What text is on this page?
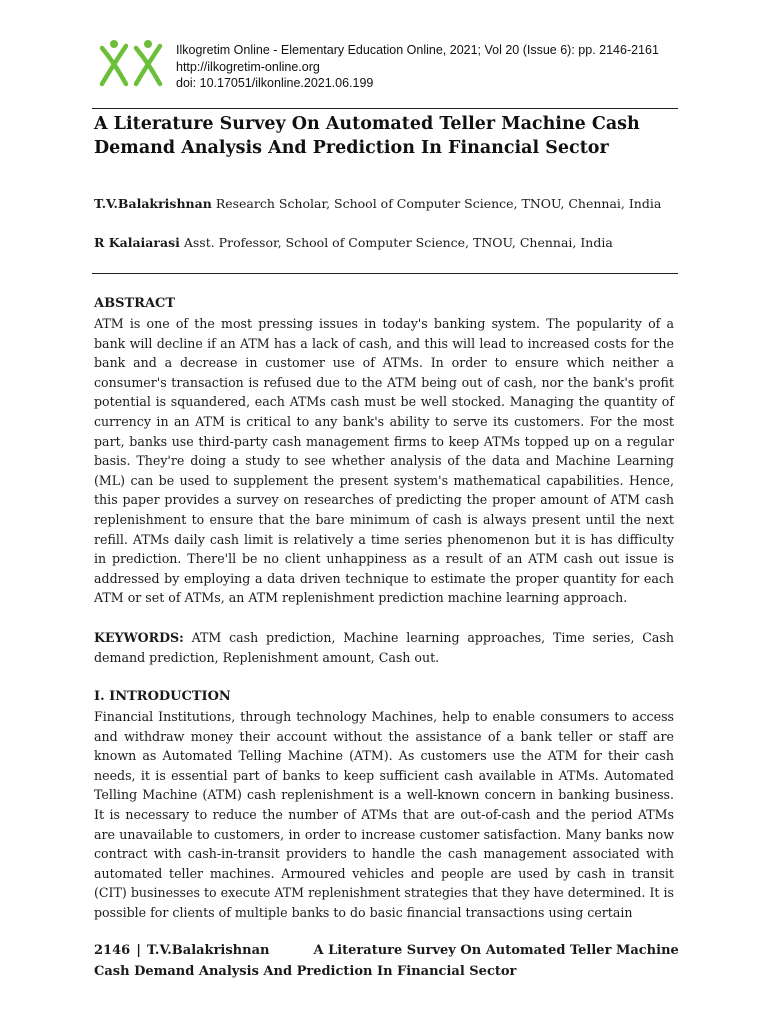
Ilkogretim Online - Elementary Education Online, 2021; Vol 20 (Issue 6): pp. 2146-2161
http://ilkogretim-online.org
doi: 10.17051/ilkonline.2021.06.199
A Literature Survey On Automated Teller Machine Cash Demand Analysis And Prediction In Financial Sector
T.V.Balakrishnan Research Scholar, School of Computer Science, TNOU, Chennai, India
R Kalaiarasi Asst. Professor, School of Computer Science, TNOU, Chennai, India
ABSTRACT

ATM is one of the most pressing issues in today's banking system. The popularity of a bank will decline if an ATM has a lack of cash, and this will lead to increased costs for the bank and a decrease in customer use of ATMs. In order to ensure which neither a consumer's transaction is refused due to the ATM being out of cash, nor the bank's profit potential is squandered, each ATMs cash must be well stocked. Managing the quantity of currency in an ATM is critical to any bank's ability to serve its customers. For the most part, banks use third-party cash management firms to keep ATMs topped up on a regular basis. They're doing a study to see whether analysis of the data and Machine Learning (ML) can be used to supplement the present system's mathematical capabilities. Hence, this paper provides a survey on researches of predicting the proper amount of ATM cash replenishment to ensure that the bare minimum of cash is always present until the next refill. ATMs daily cash limit is relatively a time series phenomenon but it is has difficulty in prediction. There'll be no client unhappiness as a result of an ATM cash out issue is addressed by employing a data driven technique to estimate the proper quantity for each ATM or set of ATMs, an ATM replenishment prediction machine learning approach.

KEYWORDS: ATM cash prediction, Machine learning approaches, Time series, Cash demand prediction, Replenishment amount, Cash out.

I. INTRODUCTION

Financial Institutions, through technology Machines, help to enable consumers to access and withdraw money their account without the assistance of a bank teller or staff are known as Automated Telling Machine (ATM). As customers use the ATM for their cash needs, it is essential part of banks to keep sufficient cash available in ATMs. Automated Telling Machine (ATM) cash replenishment is a well-known concern in banking business. It is necessary to reduce the number of ATMs that are out-of-cash and the period ATMs are unavailable to customers, in order to increase customer satisfaction. Many banks now contract with cash-in-transit providers to handle the cash management associated with automated teller machines. Armoured vehicles and people are used by cash in transit (CIT) businesses to execute ATM replenishment strategies that they have determined. It is possible for clients of multiple banks to do basic financial transactions using certain

2146 | T.V.Balakrishnan	A Literature Survey On Automated Teller Machine
Cash Demand Analysis And Prediction In Financial Sector
